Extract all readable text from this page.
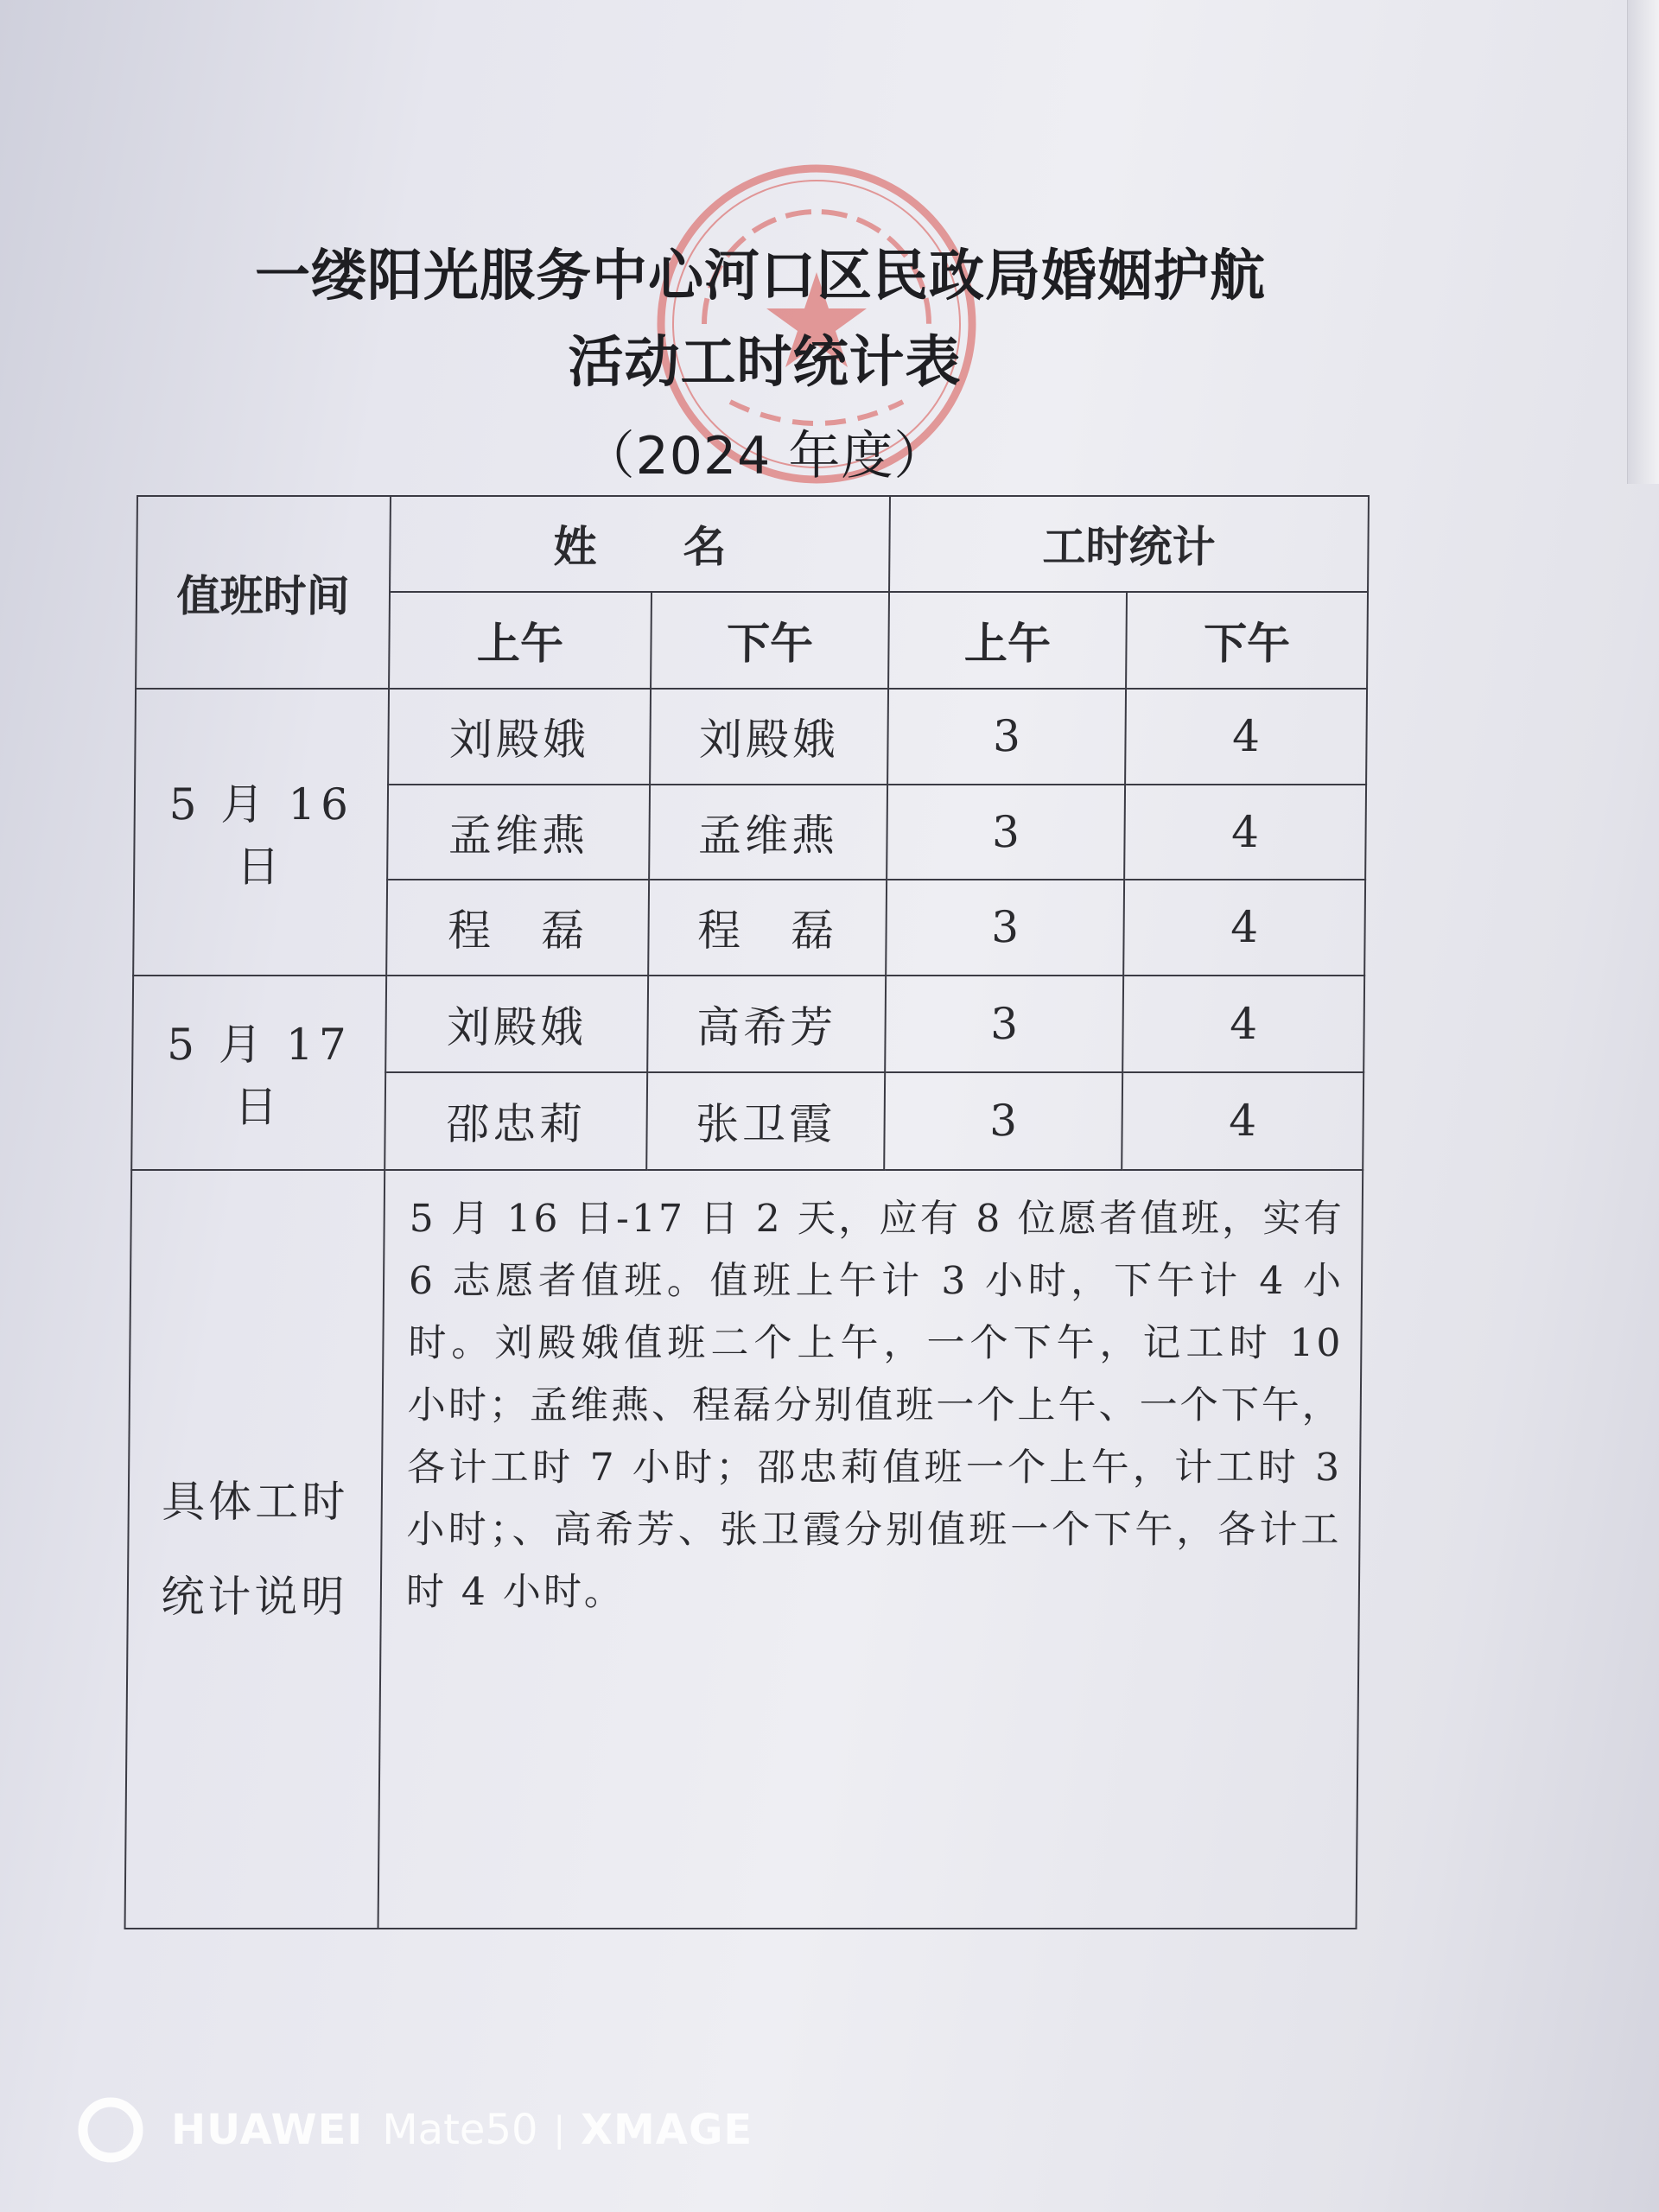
一缕阳光服务中心河口区民政局婚姻护航
活动工时统计表
（2024 年度）
值班时间	姓　　名		工时统计	
	上午	下午	上午	下午
5 月 16 日	刘殿娥	刘殿娥	3	4
	孟维燕	孟维燕	3	4
	程　磊	程　磊	3	4
5 月 17 日	刘殿娥	高希芳	3	4
	邵忠莉	张卫霞	3	4

具体工时
统计说明	5 月 16 日-17 日 2 天，应有 8 位愿者值班，实有 6 志愿者值班。值班上午计 3 小时，下午计 4 小时。刘殿娥值班二个上午，一个下午，记工时 10 小时；孟维燕、程磊分别值班一个上午、一个下午，各计工时 7 小时；邵忠莉值班一个上午，计工时 3 小时；、高希芳、张卫霞分别值班一个下午，各计工时 4 小时。			
HUAWEI Mate50 | XMAGE
